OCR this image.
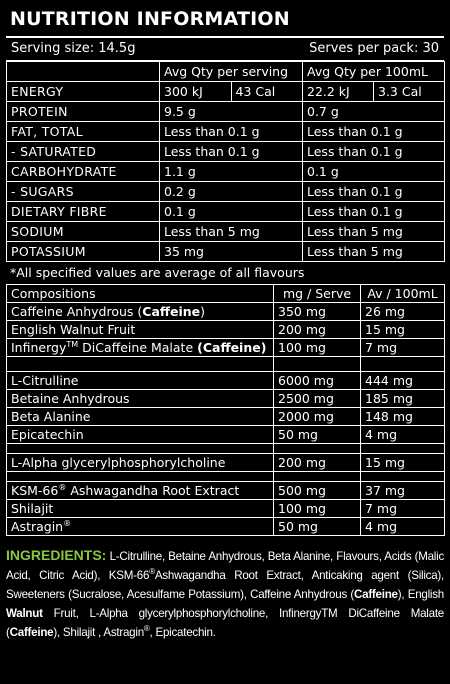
NUTRITION INFORMATION
Serving size: 14.5g	Serves per pack: 30
	Avg Qty per serving	Avg Qty per 100mL
ENERGY	300 kJ 43 Cal	22.2 kJ 3.3 Cal

PROTEIN	9.5 g	0.7 g
FAT, TOTAL	Less than 0.1 g	Less than 0.1 g
- SATURATED	Less than 0.1 g	Less than 0.1 g
CARBOHYDRATE	1.1 g	0.1 g
- SUGARS	0.2 g	Less than 0.1 g
DIETARY FIBRE	0.1 g	Less than 0.1 g
SODIUM	Less than 5 mg	Less than 5 mg
POTASSIUM	35 mg	Less than 5 mg
*All specified values are average of all flavours
Compositions	mg / Serve	Av / 100mL
Caffeine Anhydrous (Caffeine)	350 mg	26 mg
English Walnut Fruit	200 mg	15 mg
Infinergy™ DiCaffeine Malate (Caffeine)	100 mg	7 mg

L-Citrulline	6000 mg	444 mg
Betaine Anhydrous	2500 mg	185 mg
Beta Alanine	2000 mg	148 mg
Epicatechin	50 mg	4 mg

L-Alpha glycerylphosphorylcholine	200 mg	15 mg

KSM-66® Ashwagandha Root Extract	500 mg	37 mg
Shilajit	100 mg	7 mg
Astragin®	50 mg	4 mg
INGREDIENTS: L-Citrulline, Betaine Anhydrous, Beta Alanine, Flavours, Acids (Malic Acid, Citric Acid), KSM-66®Ashwagandha Root Extract, Anticaking agent (Silica), Sweeteners (Sucralose, Acesulfame Potassium), Caffeine Anhydrous (Caffeine), English Walnut Fruit, L-Alpha glycerylphosphorylcholine, InfinergyTM DiCaffeine Malate (Caffeine), Shilajit , Astragin®, Epicatechin.
